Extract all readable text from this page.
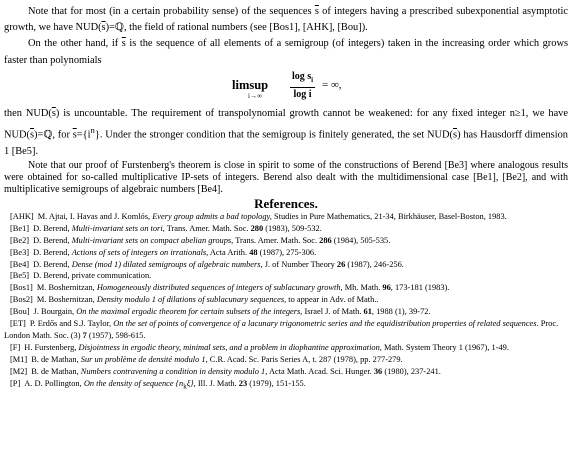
Note that for most (in a certain probability sense) of the sequences $\overline{s}$ of integers having a prescribed subexponential asymptotic growth, we have $NUD(\overline{s})=ℚ$, the field of rational numbers (see [Bos1], [AHK], [Bou]).

On the other hand, if $\overline{s}$ is the sequence of all elements of a semigroup (of integers) taken in the increasing order which grows faster than polynomials

limsup
i→∞	$\frac{\log s_i}{\text{log i}}$ = ∞,

then $NUD(\overline{s})$ is uncountable. The requirement of transpolynomial growth cannot be weakened: for any fixed integer n≥1, we have $NUD(\overline{s})=ℚ$, for $\overline{s}=\{i^n\}$. Under the stronger condition that the semigroup is finitely generated, the set $NUD(\overline{s})$ has Hausdorff dimension 1 [Be5].

Note that our proof of Furstenberg's theorem is close in spirit to some of the constructions of Berend [Be3] where analogous results were obtained for so-called multiplicative IP-sets of integers. Berend also dealt with the multidimensional case [Be1], [Be2], and with multiplicative semigroups of algebraic numbers [Be4].

References.
[AHK] M. Ajtai, I. Havas and J. Komlós, Every group admits a bad topology, Studies in Pure Mathematics, 21-34, Birkhäuser, Basel-Boston, 1983.
[Be1] D. Berend, Multi-invariant sets on tori, Trans. Amer. Math. Soc. 280 (1983), 509-532.
[Be2] D. Berend, Multi-invariant sets on compact abelian groups, Trans. Amer. Math. Soc. 286 (1984), 505-535.
[Be3] D. Berend, Actions of sets of integers on irrationals, Acta Arith. 48 (1987), 275-306.
[Be4] D. Berend, Dense (mod 1) dilated semigroups of algebraic numbers, J. of Number Theory 26 (1987), 246-256.
[Be5] D. Berend, private communication.
[Bos1] M. Boshernitzan, Homogeneously distributed sequences of integers of sublacunary growth, Mh. Math. 96, 173-181 (1983).
[Bos2] M. Boshernitzan, Density modulo 1 of dilations of sublacunary sequences, to appear in Adv. of Math..
[Bou] J. Bourgain, On the maximal ergodic theorem for certain subsets of the integers, Israel J. of Math. 61, 1988 (1), 39-72.
[ET] P. Erdős and S.J. Taylor, On the set of points of convergence of a lacunary trigonometric series and the equidistribution properties of related sequences. Proc. London Math. Soc. (3) 7 (1957), 598-615.
[F] H. Furstenberg, Disjointness in ergodic theory, minimal sets, and a problem in diophantine approximation, Math. System Theory 1 (1967), 1-49.
[M1] B. de Mathan, Sur un problème de densité modulo 1, C.R. Acad. Sc. Paris Series A, t. 287 (1978), pp. 277-279.
[M2] B. de Mathan, Numbers contravening a condition in density modulo 1, Acta Math. Acad. Sci. Hunger. 36 (1980), 237-241.
[P] A. D. Pollington, On the density of sequence $\{n_k\xi\}$, Ill. J. Math. 23 (1979), 151-155.
